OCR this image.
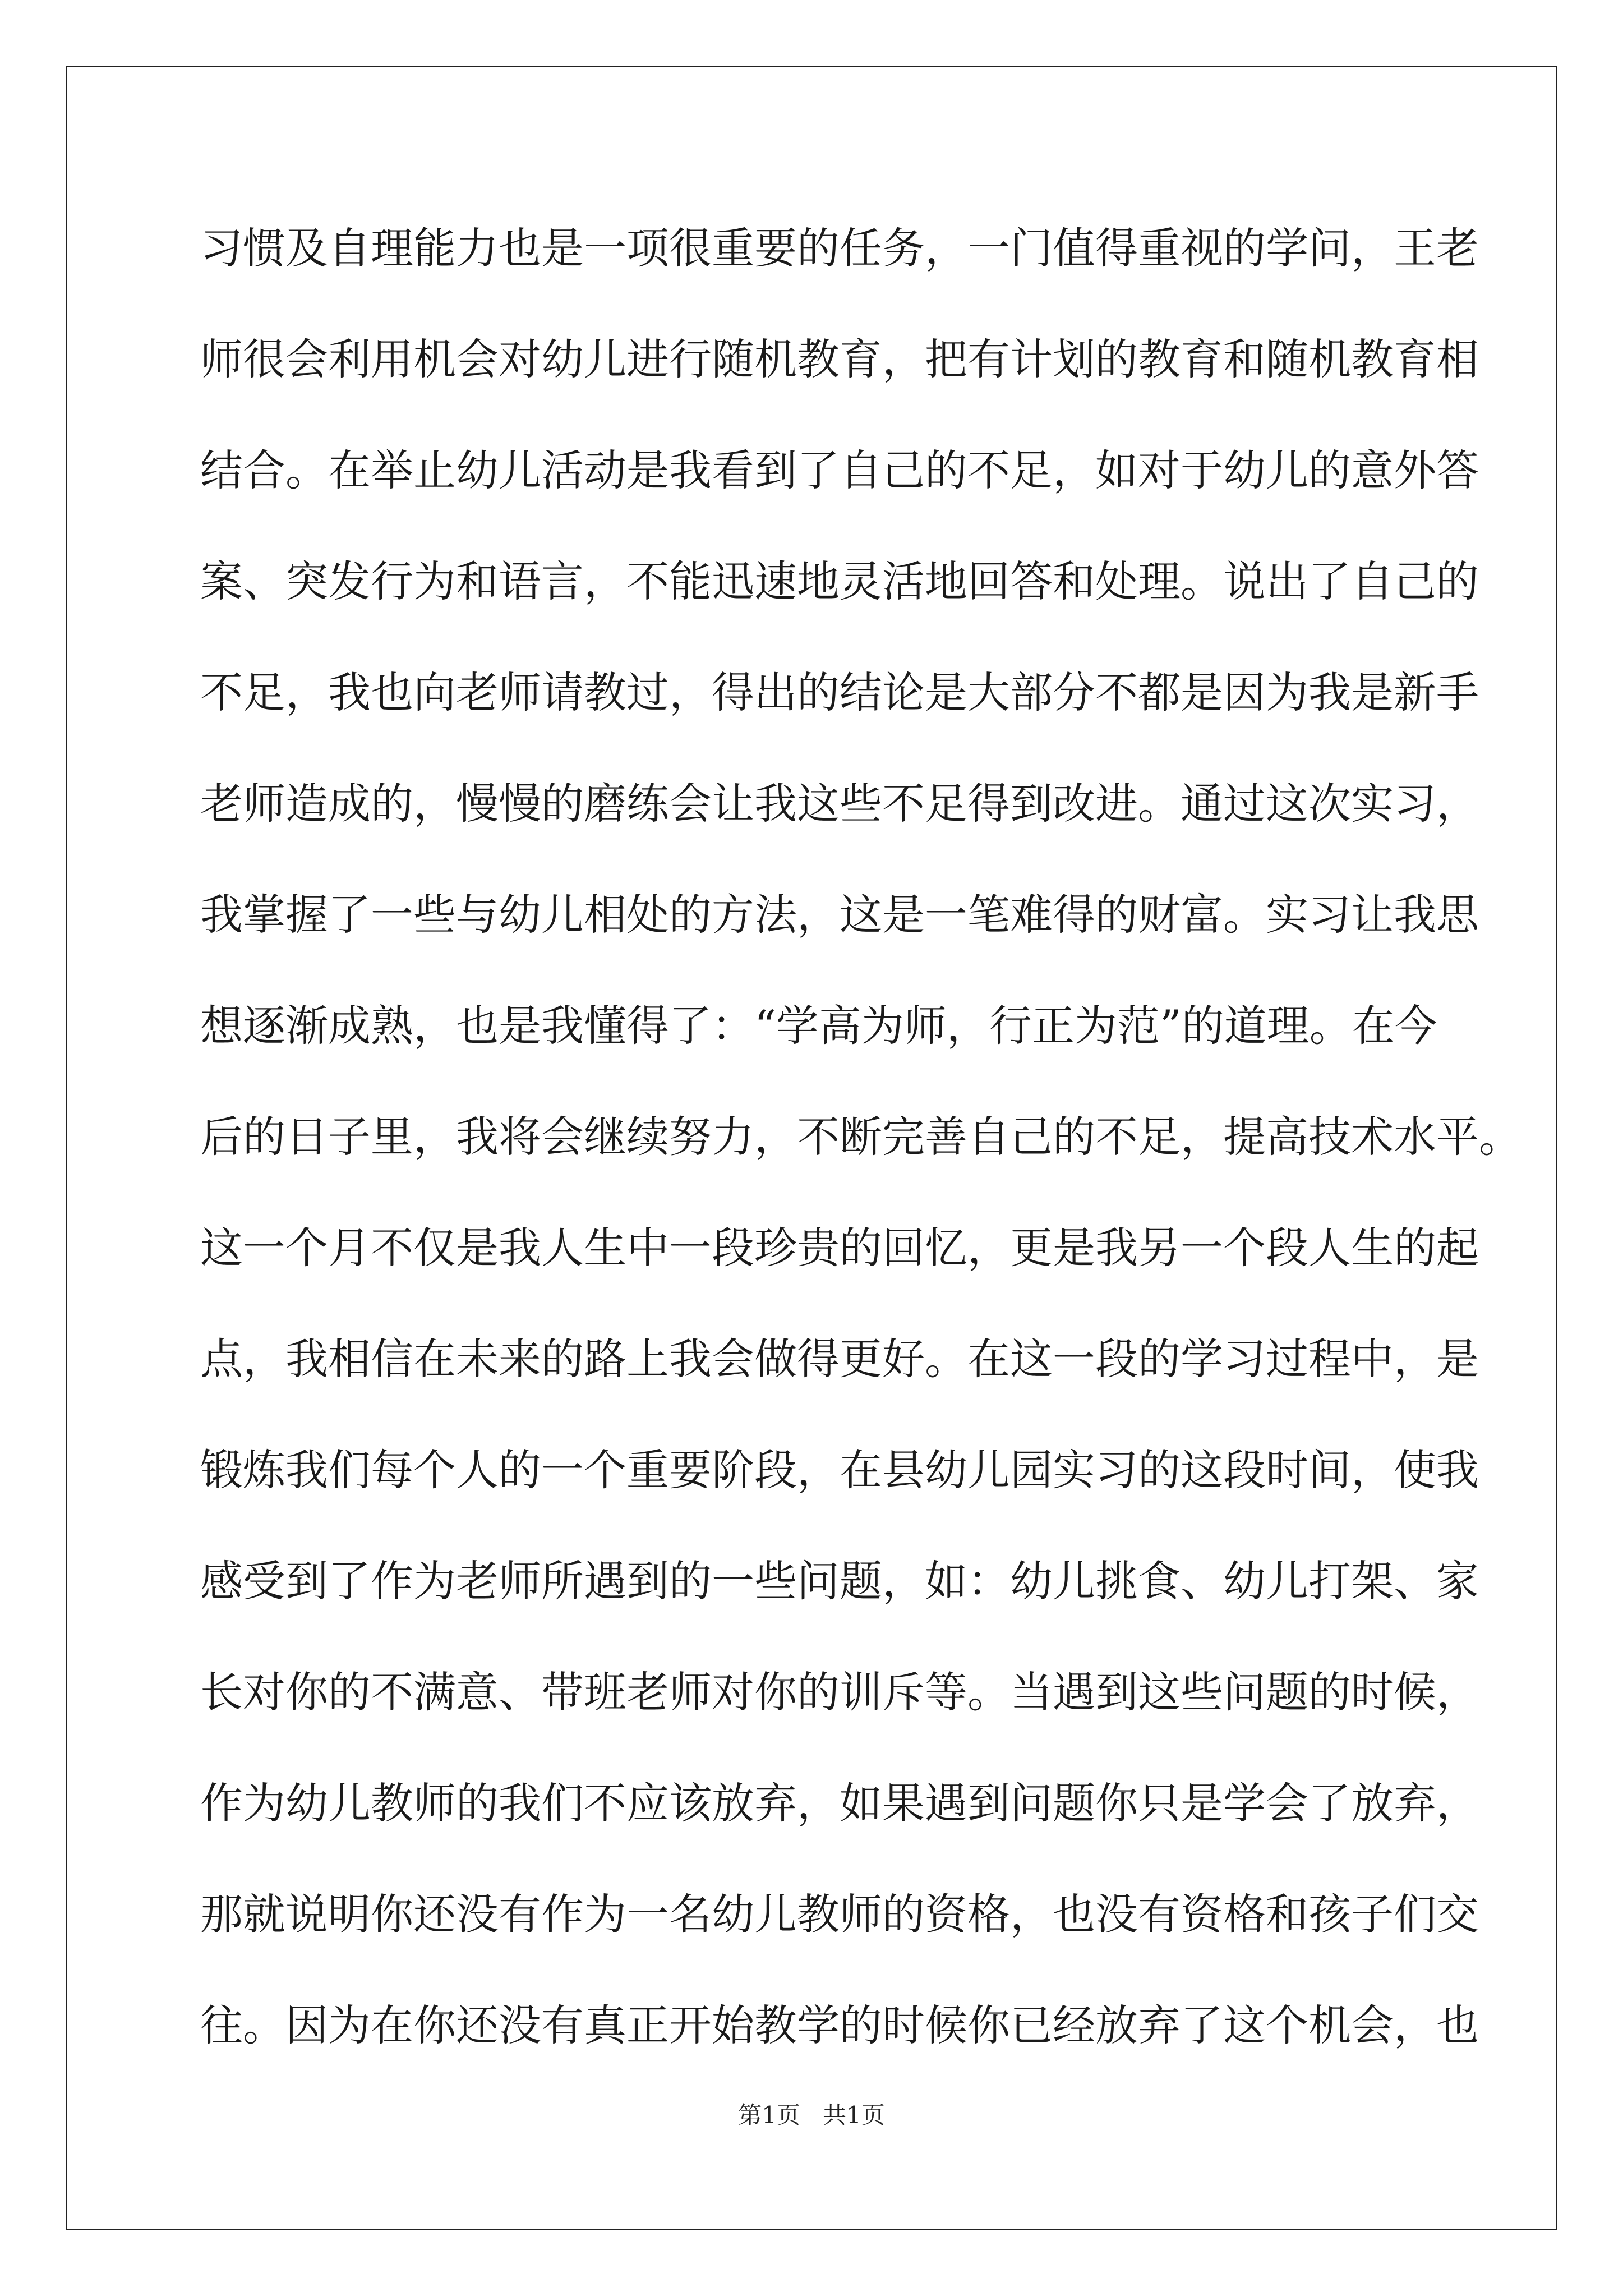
习惯及自理能力也是一项很重要的任务，一门值得重视的学问，王老
师很会利用机会对幼儿进行随机教育，把有计划的教育和随机教育相
结合。在举止幼儿活动是我看到了自己的不足，如对于幼儿的意外答
案、突发行为和语言，不能迅速地灵活地回答和处理。说出了自己的
不足，我也向老师请教过，得出的结论是大部分不都是因为我是新手
老师造成的，慢慢的磨练会让我这些不足得到改进。通过这次实习，
我掌握了一些与幼儿相处的方法，这是一笔难得的财富。实习让我思
想逐渐成熟，也是我懂得了：“学高为师，行正为范”的道理。在今
后的日子里，我将会继续努力，不断完善自己的不足，提高技术水平。
这一个月不仅是我人生中一段珍贵的回忆，更是我另一个段人生的起
点，我相信在未来的路上我会做得更好。在这一段的学习过程中，是
锻炼我们每个人的一个重要阶段，在县幼儿园实习的这段时间，使我
感受到了作为老师所遇到的一些问题，如：幼儿挑食、幼儿打架、家
长对你的不满意、带班老师对你的训斥等。当遇到这些问题的时候，
作为幼儿教师的我们不应该放弃，如果遇到问题你只是学会了放弃，
那就说明你还没有作为一名幼儿教师的资格，也没有资格和孩子们交
往。因为在你还没有真正开始教学的时候你已经放弃了这个机会，也
第1页   共1页
